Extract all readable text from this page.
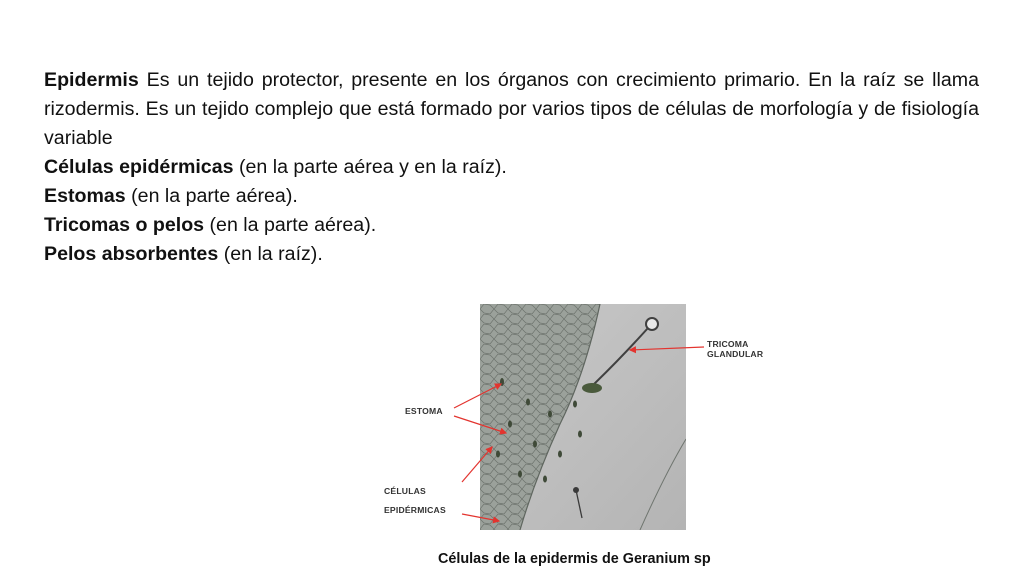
Epidermis Es un tejido protector, presente en los órganos con crecimiento primario. En la raíz se llama rizodermis. Es un tejido complejo que está formado por varios tipos de células de morfología y de fisiología variable

Células epidérmicas (en la parte aérea y en la raíz).

Estomas (en la parte aérea).

Tricomas o pelos (en la parte aérea).

Pelos absorbentes (en la raíz).

TRICOMA
GLANDULAR
ESTOMA
CÉLULAS
EPIDÉRMICAS
Células de la epidermis de Geranium sp
